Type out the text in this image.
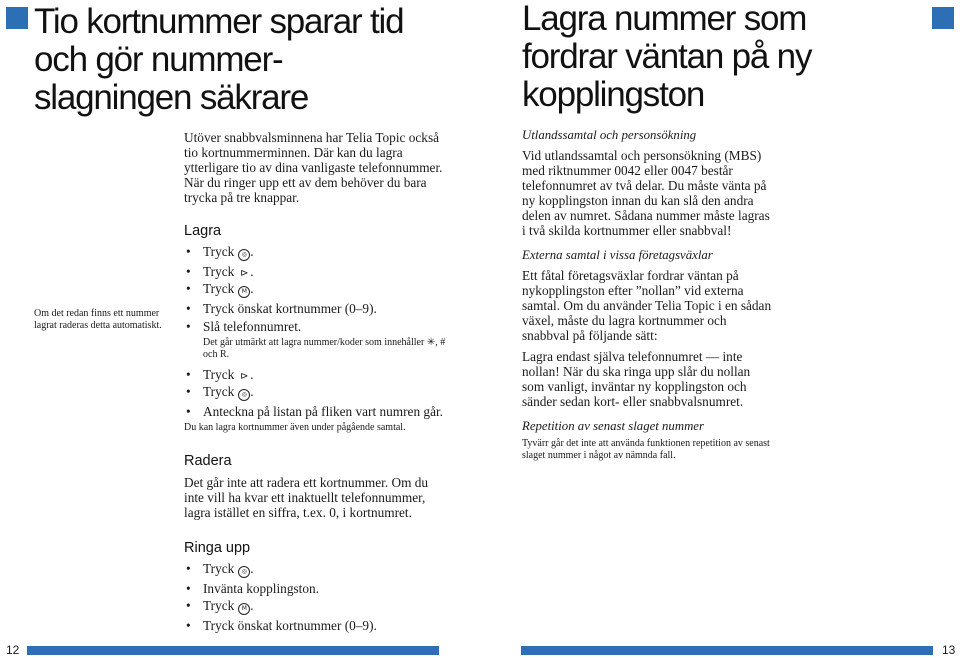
Tio kortnummer sparar tid
och gör nummer-
slagningen säkrare
Om det redan finns ett nummer lagrat raderas detta automatiskt.

Utöver snabbvalsminnena har Telia Topic också tio kortnummerminnen. Där kan du lagra ytterligare tio av dina vanligaste telefonnummer. När du ringer upp ett av dem behöver du bara trycka på tre knappar.

Lagra
• Tryck ◎ .
• Tryck ⊳ .
• Tryck M .
• Tryck önskat kortnummer (0–9).
• Slå telefonnumret.

Det går utmärkt att lagra nummer/koder som innehåller ✳, # och R.

• Tryck ⊳ .
• Tryck ◎ .
• Anteckna på listan på fliken vart numren går.

Du kan lagra kortnummer även under pågående samtal.

Radera

Det går inte att radera ett kortnummer. Om du inte vill ha kvar ett inaktuellt telefonnummer, lagra istället en siffra, t.ex. 0, i kortnumret.

Ringa upp
• Tryck ◎ .
• Invänta kopplingston.
• Tryck M .
• Tryck önskat kortnummer (0–9).
Lagra nummer som
fordrar väntan på ny
kopplingston
Utlandssamtal och personsökning

Vid utlandssamtal och personsökning (MBS) med riktnummer 0042 eller 0047 består telefonnumret av två delar. Du måste vänta på ny kopplingston innan du kan slå den andra delen av numret. Sådana nummer måste lagras i två skilda kortnummer eller snabbval!

Externa samtal i vissa företagsväxlar

Ett fåtal företagsväxlar fordrar väntan på nykopplingston efter ”nollan” vid externa samtal. Om du använder Telia Topic i en sådan växel, måste du lagra kortnummer och snabbval på följande sätt:

Lagra endast själva telefonnumret — inte nollan! När du ska ringa upp slår du nollan som vanligt, inväntar ny kopplingston och sänder sedan kort- eller snabbvalsnumret.

Repetition av senast slaget nummer

Tyvärr går det inte att använda funktionen repetition av senast slaget nummer i något av nämnda fall.

12	13
